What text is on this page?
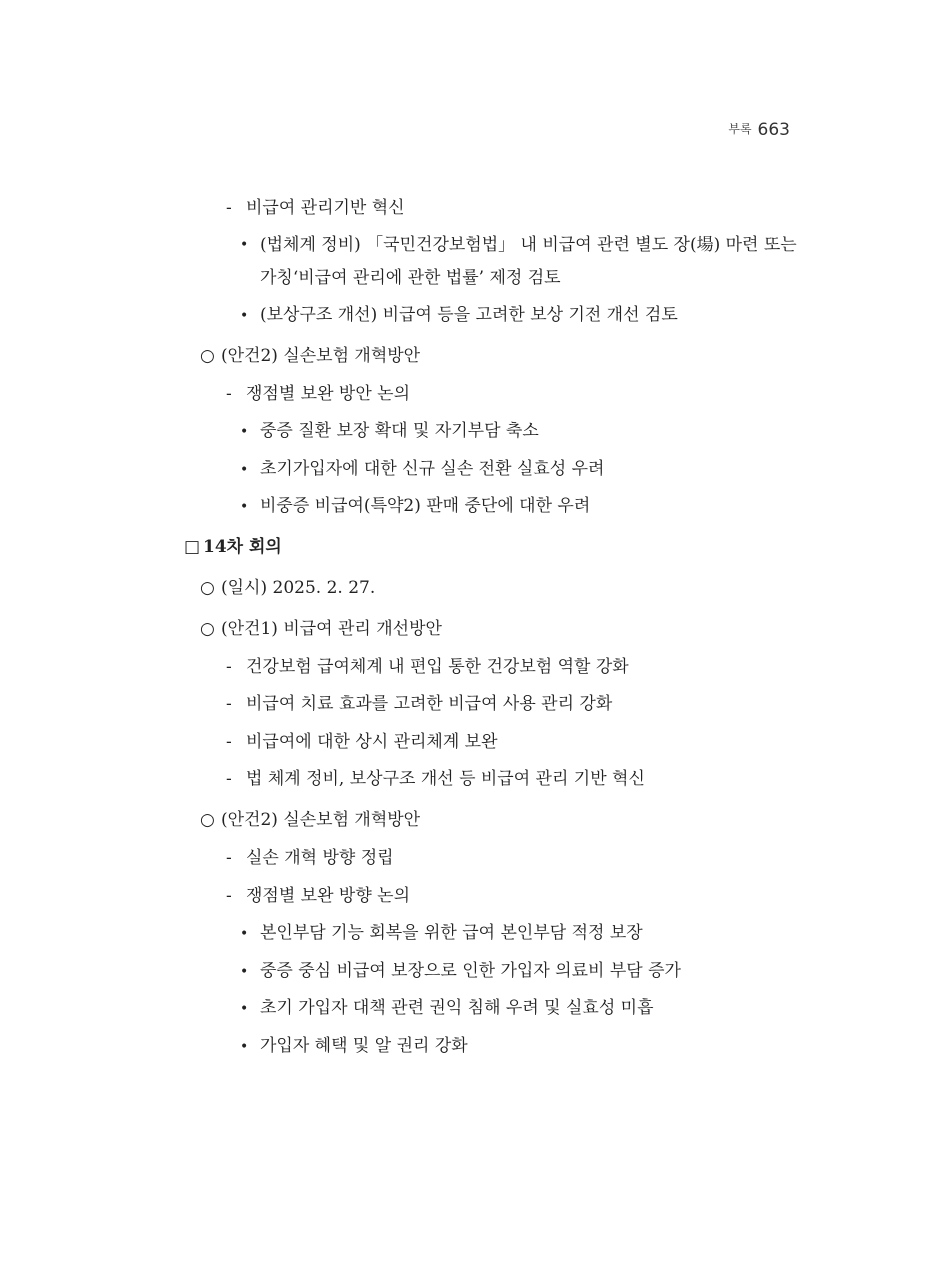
부록 663
- 비급여 관리기반 혁신
• (법체계 정비) 「국민건강보험법」 내 비급여 관련 별도 장(場) 마련 또는
가칭‘비급여 관리에 관한 법률’ 제정 검토
• (보상구조 개선) 비급여 등을 고려한 보상 기전 개선 검토
○ (안건2) 실손보험 개혁방안
- 쟁점별 보완 방안 논의
• 중증 질환 보장 확대 및 자기부담 축소
• 초기가입자에 대한 신규 실손 전환 실효성 우려
• 비중증 비급여(특약2) 판매 중단에 대한 우려
□ 14차 회의
○ (일시) 2025. 2. 27.
○ (안건1) 비급여 관리 개선방안
- 건강보험 급여체계 내 편입 통한 건강보험 역할 강화
- 비급여 치료 효과를 고려한 비급여 사용 관리 강화
- 비급여에 대한 상시 관리체계 보완
- 법 체계 정비, 보상구조 개선 등 비급여 관리 기반 혁신
○ (안건2) 실손보험 개혁방안
- 실손 개혁 방향 정립
- 쟁점별 보완 방향 논의
• 본인부담 기능 회복을 위한 급여 본인부담 적정 보장
• 중증 중심 비급여 보장으로 인한 가입자 의료비 부담 증가
• 초기 가입자 대책 관련 권익 침해 우려 및 실효성 미흡
• 가입자 혜택 및 알 권리 강화
